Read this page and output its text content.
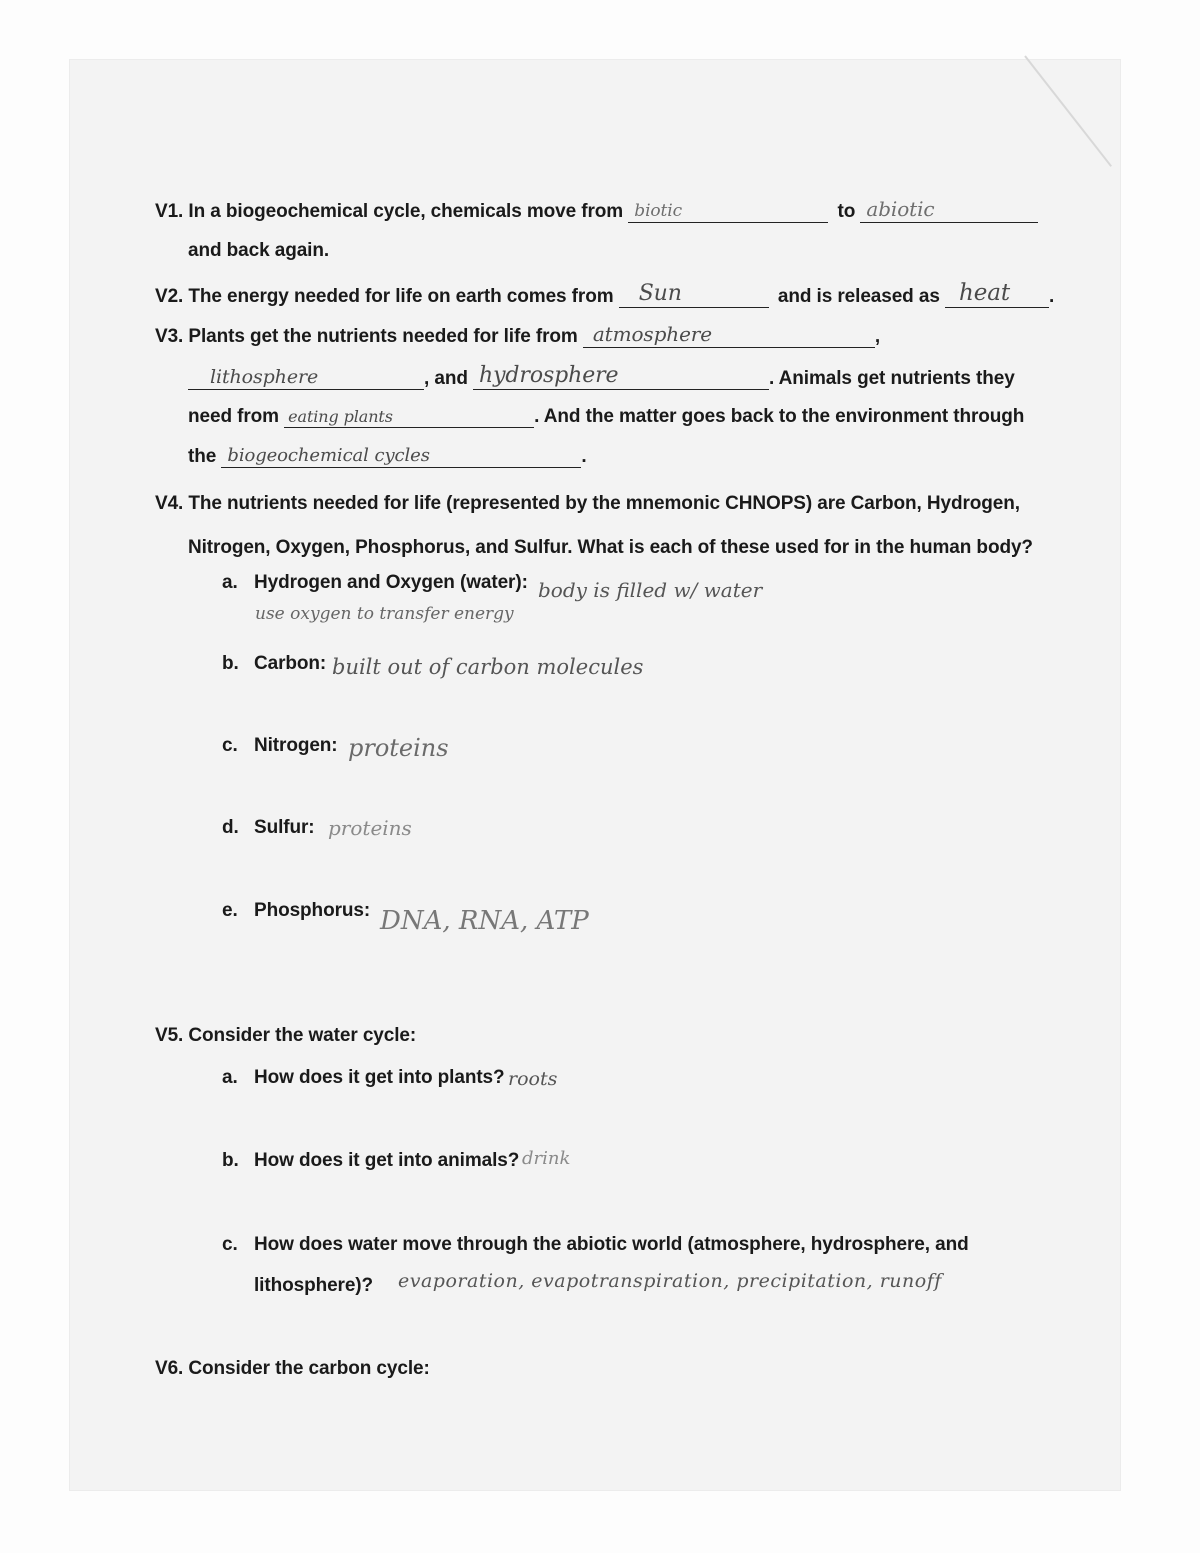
V1. In a biogeochemical cycle, chemicals move from biotic	to abiotic
and back again.
V2. The energy needed for life on earth comes from Sun	and is released as heat .
V3. Plants get the nutrients needed for life from atmosphere	,
lithosphere	, and hydrosphere	. Animals get nutrients they
need from eating plants	. And the matter goes back to the environment through
the biogeochemical cycles	.
V4. The nutrients needed for life (represented by the mnemonic CHNOPS) are Carbon, Hydrogen,
Nitrogen, Oxygen, Phosphorus, and Sulfur. What is each of these used for in the human body?
a. Hydrogen and Oxygen (water): body is filled w/ water
use oxygen to transfer energy
b. Carbon: built out of carbon molecules
c. Nitrogen: proteins
d. Sulfur: proteins
e. Phosphorus: DNA, RNA, ATP
V5. Consider the water cycle:
a. How does it get into plants? roots
b. How does it get into animals? drink
c. How does water move through the abiotic world (atmosphere, hydrosphere, and
lithosphere)? evaporation, evapotranspiration, precipitation, runoff
V6. Consider the carbon cycle:
